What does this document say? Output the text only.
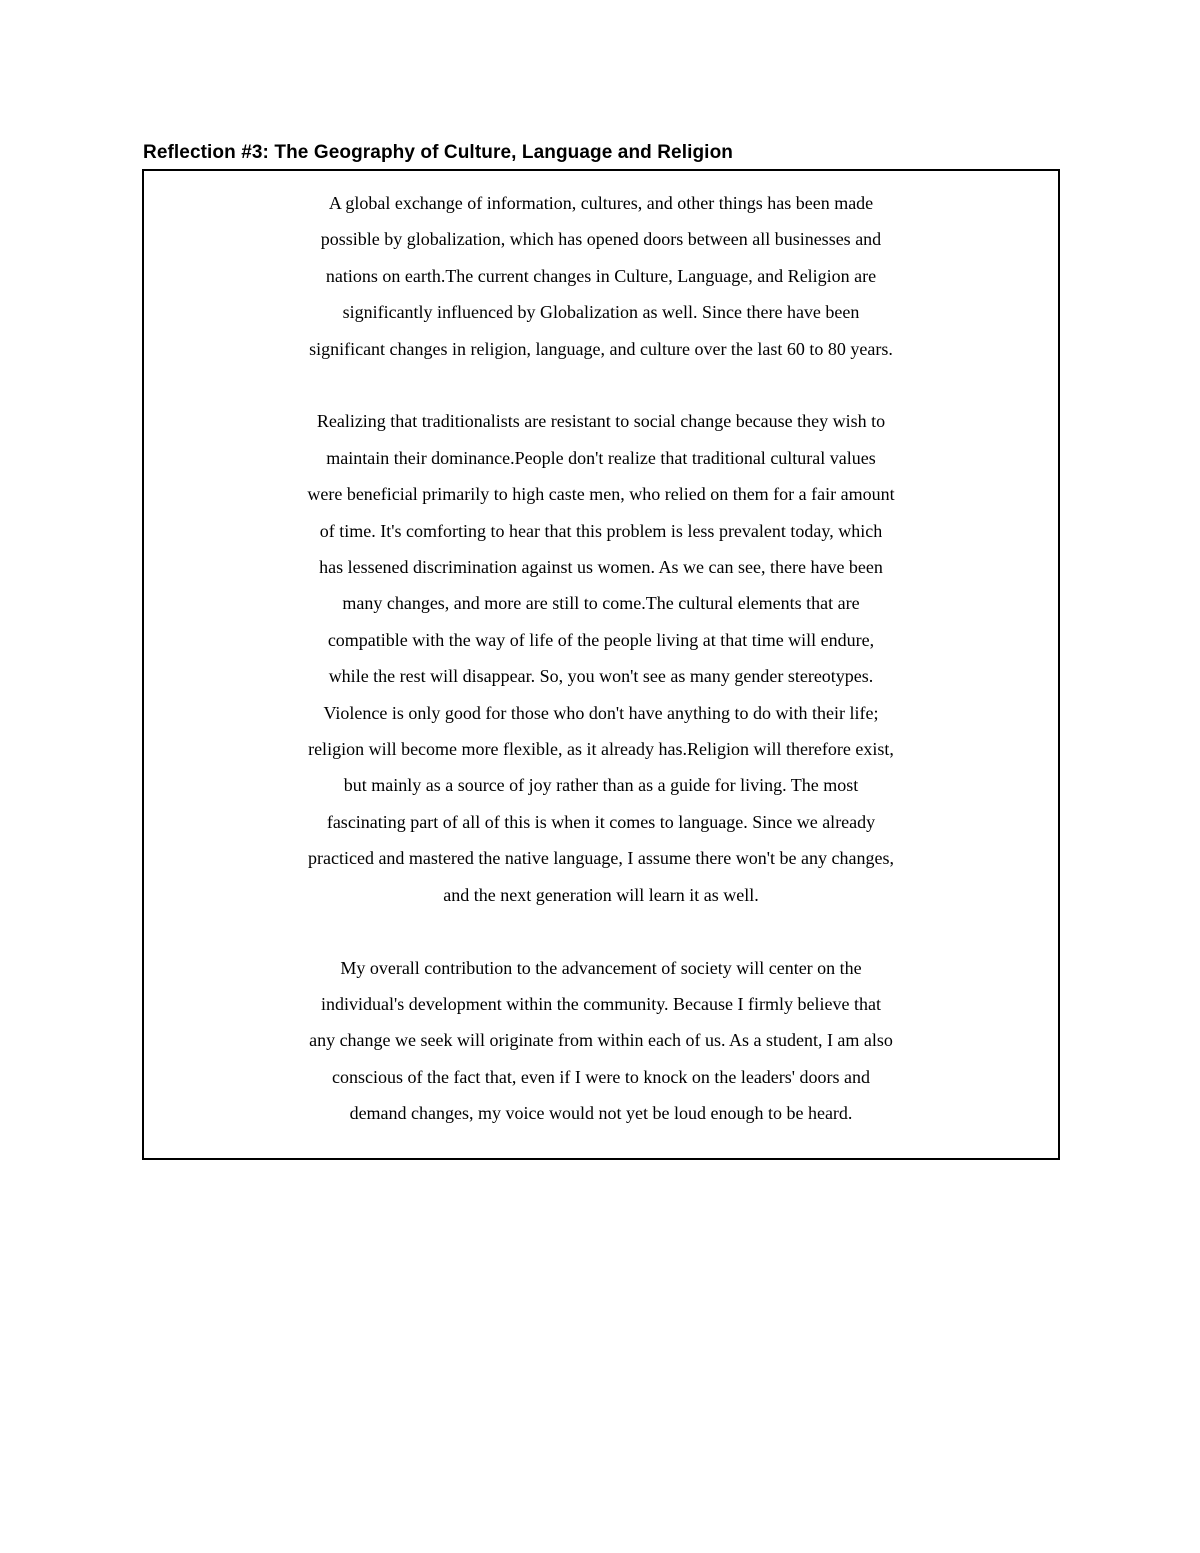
Reflection #3: The Geography of Culture, Language and Religion
A global exchange of information, cultures, and other things has been made
possible by globalization, which has opened doors between all businesses and
nations on earth.The current changes in Culture, Language, and Religion are
significantly influenced by Globalization as well. Since there have been
significant changes in religion, language, and culture over the last 60 to 80 years.
Realizing that traditionalists are resistant to social change because they wish to
maintain their dominance.People don't realize that traditional cultural values
were beneficial primarily to high caste men, who relied on them for a fair amount
of time. It's comforting to hear that this problem is less prevalent today, which
has lessened discrimination against us women. As we can see, there have been
many changes, and more are still to come.The cultural elements that are
compatible with the way of life of the people living at that time will endure,
while the rest will disappear. So, you won't see as many gender stereotypes.
Violence is only good for those who don't have anything to do with their life;
religion will become more flexible, as it already has.Religion will therefore exist,
but mainly as a source of joy rather than as a guide for living. The most
fascinating part of all of this is when it comes to language. Since we already
practiced and mastered the native language, I assume there won't be any changes,
and the next generation will learn it as well.
My overall contribution to the advancement of society will center on the
individual's development within the community. Because I firmly believe that
any change we seek will originate from within each of us. As a student, I am also
conscious of the fact that, even if I were to knock on the leaders' doors and
demand changes, my voice would not yet be loud enough to be heard.
